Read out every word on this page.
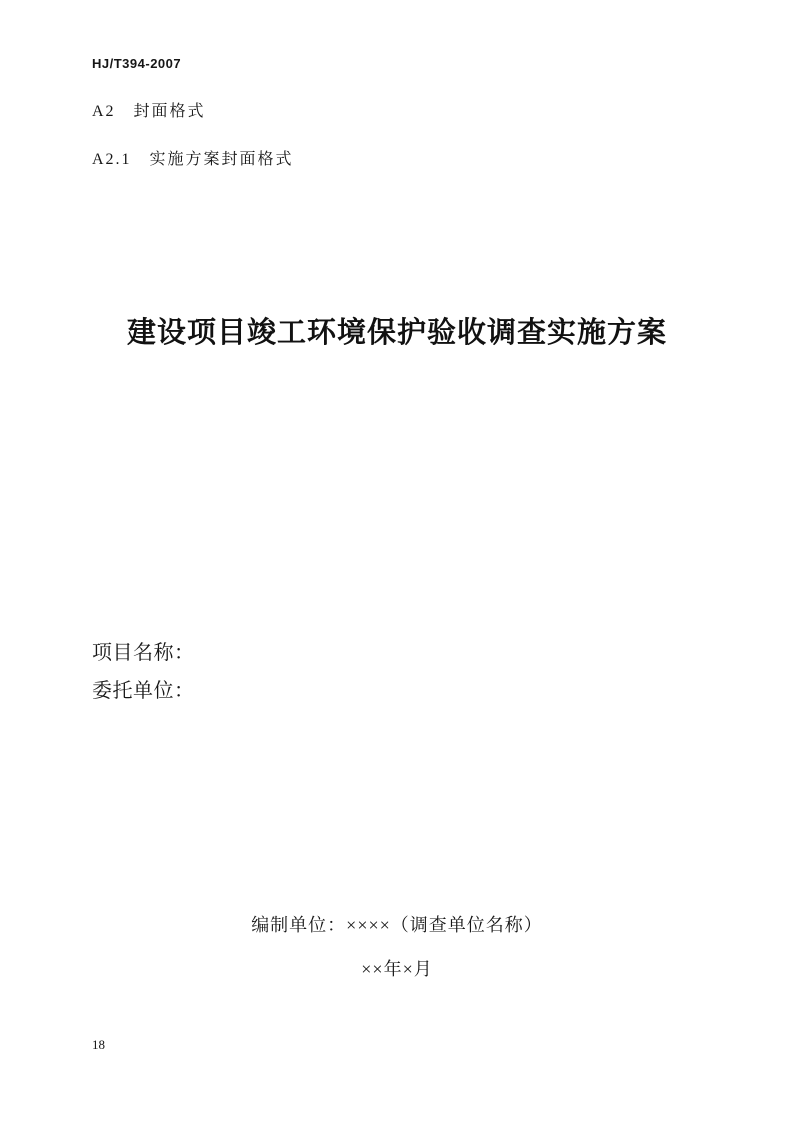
HJ/T394-2007
A2　封面格式
A2.1　实施方案封面格式
建设项目竣工环境保护验收调查实施方案
项目名称：
委托单位：
编制单位：××××（调查单位名称）
××年×月
18
